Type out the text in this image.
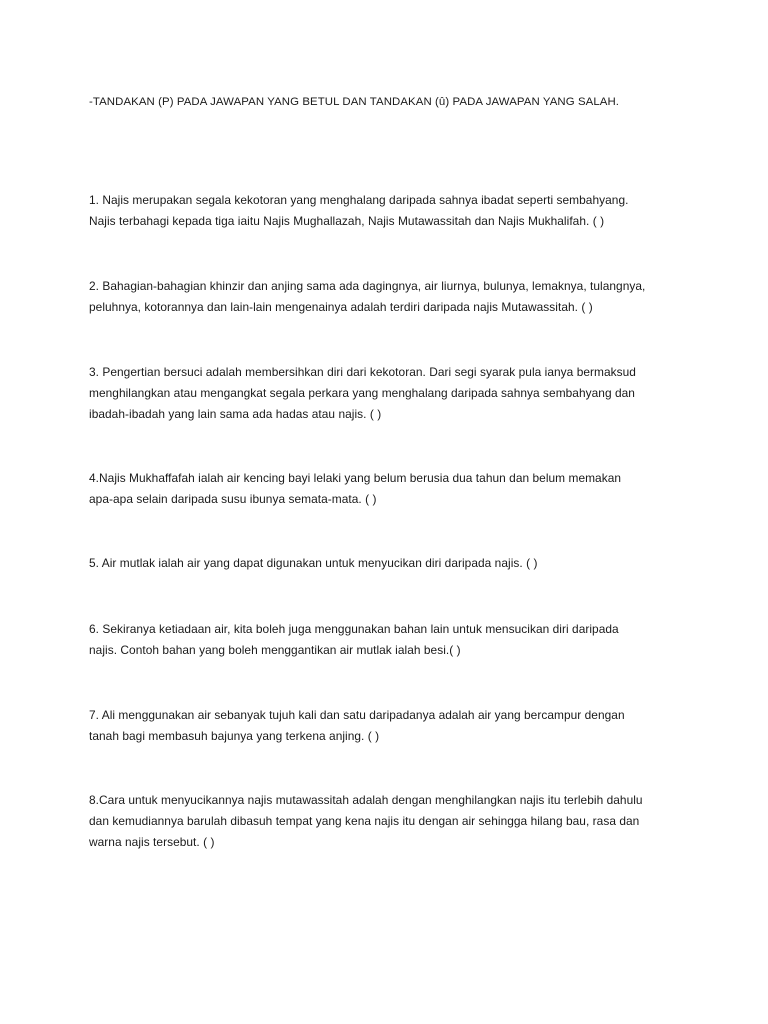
-TANDAKAN (P) PADA JAWAPAN YANG BETUL DAN TANDAKAN (û) PADA JAWAPAN YANG SALAH.
1. Najis merupakan segala kekotoran yang menghalang daripada sahnya ibadat seperti sembahyang.
Najis terbahagi kepada tiga iaitu Najis Mughallazah, Najis Mutawassitah dan Najis Mukhalifah. ( )
2. Bahagian-bahagian khinzir dan anjing sama ada dagingnya, air liurnya, bulunya, lemaknya, tulangnya,
peluhnya, kotorannya dan lain-lain mengenainya adalah terdiri daripada najis Mutawassitah. ( )
3. Pengertian bersuci adalah membersihkan diri dari kekotoran. Dari segi syarak pula ianya bermaksud
menghilangkan atau mengangkat segala perkara yang menghalang daripada sahnya sembahyang dan
ibadah-ibadah yang lain sama ada hadas atau najis. ( )
4.Najis Mukhaffafah ialah air kencing bayi lelaki yang belum berusia dua tahun dan belum memakan
apa-apa selain daripada susu ibunya semata-mata. ( )
5. Air mutlak ialah air yang dapat digunakan untuk menyucikan diri daripada najis. ( )
6. Sekiranya ketiadaan air, kita boleh juga menggunakan bahan lain untuk mensucikan diri daripada
najis. Contoh bahan yang boleh menggantikan air mutlak ialah besi.( )
7. Ali menggunakan air sebanyak tujuh kali dan satu daripadanya adalah air yang bercampur dengan
tanah bagi membasuh bajunya yang terkena anjing. ( )
8.Cara untuk menyucikannya najis mutawassitah adalah dengan menghilangkan najis itu terlebih dahulu
dan kemudiannya barulah dibasuh tempat yang kena najis itu dengan air sehingga hilang bau, rasa dan
warna najis tersebut. ( )
